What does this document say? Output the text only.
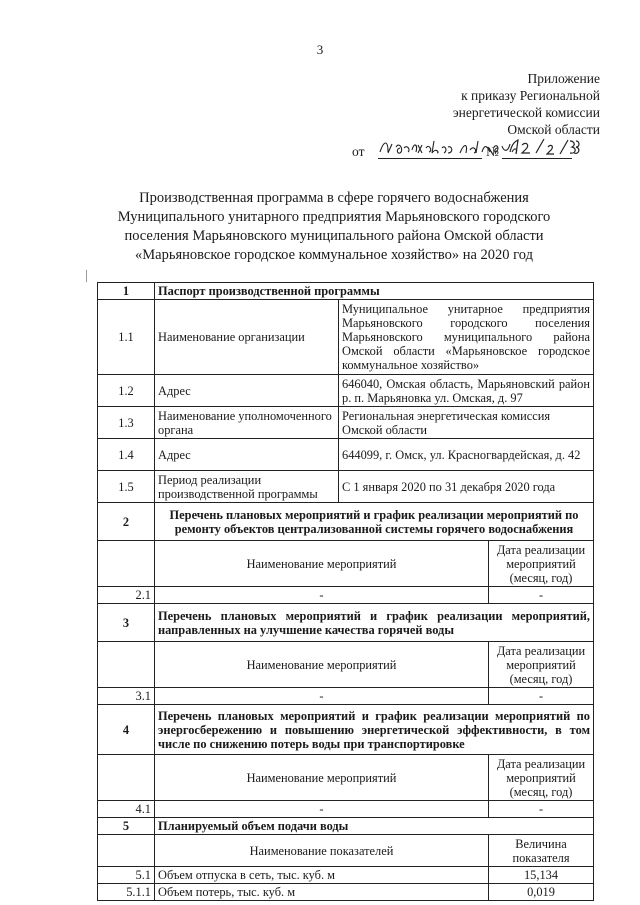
3
Приложение
к приказу Региональной
энергетической комиссии
Омской области
от	№
Производственная программа в сфере горячего водоснабжения
Муниципального унитарного предприятия Марьяновского городского
поселения Марьяновского муниципального района Омской области
«Марьяновское городское коммунальное хозяйство» на 2020 год
1	Паспорт производственной программы		
1.1	Наименование организации	Муниципальное унитарное предприятия Марьяновского городского поселения Марьяновского муниципального района Омской области «Марьяновское городское коммунальное хозяйство»	
1.2	Адрес	646040, Омская область, Марьяновский район р. п. Марьяновка ул. Омская, д. 97	
1.3	Наименование уполномоченного органа	Региональная энергетическая комиссия Омской области	
1.4	Адрес	644099, г. Омск, ул. Красногвардейская, д. 42	
1.5	Период реализации производственной программы	С 1 января 2020 по 31 декабря 2020 года	
2	Перечень плановых мероприятий и график реализации мероприятий по ремонту объектов централизованной системы горячего водоснабжения		
	Наименование мероприятий		Дата реализации мероприятий (месяц, год)
2.1	-		-
3	Перечень плановых мероприятий и график реализации мероприятий, направленных на улучшение качества горячей воды		
	Наименование мероприятий		Дата реализации мероприятий (месяц, год)
3.1	-		-
4	Перечень плановых мероприятий и график реализации мероприятий по энергосбережению и повышению энергетической эффективности, в том числе по снижению потерь воды при транспортировке		
	Наименование мероприятий		Дата реализации мероприятий (месяц, год)
4.1	-		-
5	Планируемый объем подачи воды		
	Наименование показателей		Величина показателя
5.1	Объем отпуска в сеть, тыс. куб. м		15,134
5.1.1	Объем потерь, тыс. куб. м		0,019
